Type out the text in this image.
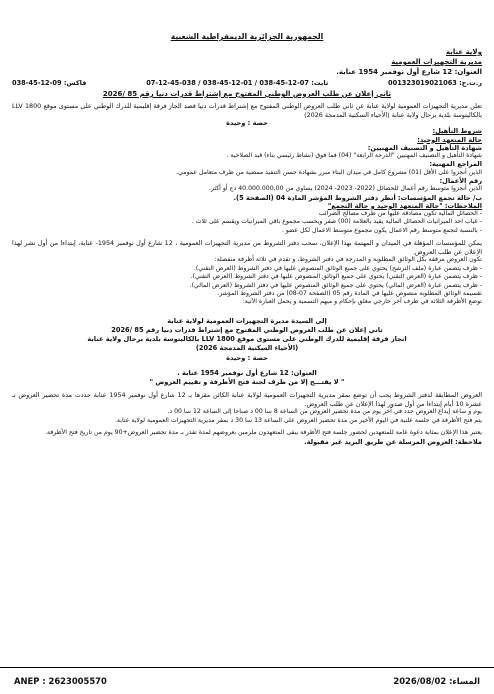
الجمهورية الجزائرية الديمقراطية الشعبية
ولاية عنابة
مديرية التجهيزات العمومية
العنوان: 12 شارع أول نوفمبر 1954 عنابة.
ر.ت.ج: 001323019021063
ثابت: 07-12-45-038 / 01-12-45-038 / 038-45-12-07
فاكس: 09-12-45-038
ثاني إعلان عن طلب العروض الوطني المفتوح مع إشتراط قدرات دنيا رقم 85 /2026
تعلن مديرية التجهيزات العمومية لولاية عنابة عن ثاني طلب العروض الوطني المفتوح مع إشتراط قدرات دنيا قصد الجاز فرقة إقليمية للدرك الوطني على مستوى موقع LLV 1800 بالكاليتوسة بلدية برحال ولاية عنابة (الأحياء السكنية المدمجة 2026)
حصة : وحيدة
شروط التأهيل:
حالة المتعهد الوحيد:
شهادة التأهيل و التصنيف المهنيين:
شهادة التأهيل و التصنيف المهنيين "الدرجة الرابعة" (04) فما فوق (نشاط رئيسي بناء) قيد الصلاحية .
المراجع المهنية:
الذين أنجزوا على الأقل (01) مشروع كامل في ميدان البناء مبرر بشهادة حسن التنفيذ ممضية من طرف متعامل عمومي.
رقم الأعمال:
الذين أنجزوا متوسط رقم أعمال للحصائل (2022- 2023- 2024) يساوي من 40.000.000,00 دج أو أكثر.
ب/ حالة تجمع المؤسسات: أنظر دفتر الشروط المؤشر المادة 04 (الصفحة 5).
الملاحظات: "حالة المتعهد الوحيد و حالة التجمع"
- الحصائل المالية تكون مصادقة عليها من طرف مصالح الضرائب
- غياب احد الميزانيات الحصائل المالية يقيد بالعلامة (00) صفر ويحسب مجموع باقي الميزانيات ويقسم على ثلاث .
- بالنسبة لتجمع متوسط رقم الاعمال يكون مجموع متوسط الاعمال لكل عضو .
يمكن للمؤسسات المؤهلة في الميدان و المهتمة بهذا الإعلان، سحب دفتر الشروط من مديرية التجهيزات العمومية ، 12 شارع أول نوفمبر 1954- عنابة، إبتداءا من أول نشر لهذا الإعلان عن طلب العروض.
تكون العروض مرفقة بكل الوثائق المطلوبة و المدرجة في دفتر الشروط، و تقدم في ثلاثة أظرفة منفصلة:
- ظرف يتضمن عبارة (ملف الترشح) يحتوي على جميع الوثائق المنصوص عليها في دفتر الشروط (العرض التقني).
- ظرف يتضمن عبارة (العرض التقني) يحتوي على جميع الوثائق المنصوص عليها في دفتر الشروط (العرض التقني).
- ظرف يتضمن عبارة (العرض المالي) يحتوي على جميع الوثائق المنصوص عليها في دفتر الشروط (العرض المالي).
تقسيمة الوثائق المطلوبة منصوص عليها في المادة رقم 05 (الصفحة 07-08) من دفتر الشروط المؤشر.
توضع الأظرفة الثلاثة في ظرف آخر خارجي مغلق بإحكام و مبهم التسمية و يحمل العبارة الآتية:
إلى السيدة مديرة التجهيزات العمومية لولاية عنابة
ثاني إعلان عن طلب العروض الوطني المفتوح مع إشتراط قدرات دنيا رقم 85 /2026
انجاز فرقة إقليمية للدرك الوطني على مستوى موقع LLV 1800 بالكاليتوسة بلدية برحال ولاية عنابة
(الأحياء السكنية المدمجة 2026)
حصة : وحيدة
العنوان: 12 شارع أول نوفمبر 1954 عنابة .
" لا يفتـــح إلا من طرف لجنة فتح الأظرفة و تقييم العروض "
العروض المطابقة لدفتر الشروط يجب أن توضع بمقر مديرية التجهيزات العمومية لولاية عنابة الكائن مقرها بـ 12 شارع أول نوفمبر 1954 عنابة حددت مدة تحضير العروض بـ عشرة 10 أيام إبتداءا من أول صدور لهذا الإعلان عن طلب العروض.
يوم و ساعة إيداع العروض حدد في آخر يوم من مدة تحضير العروض من الساعة 8 سا 00 د صباحا إلى الساعة 12 سا 00 د.
يتم فتح الأظرفة في جلسة علنية في اليوم الأخير من مدة تحضير العروض على الساعة 13 سا 30 د بمقر مديرية التجهيزات العمومية لولاية عنابة.
يعتبر هذا الإعلان بمثابة دعوة عامة للمتعهدين لحضور جلسة فتح الأظرفة يبقى المتعهدون ملزمين بعروضهم لمدة تقدر بـ مدة تحضير العروض+90 يوم من تاريخ فتح الأظرفة.
ملاحظة: العروض المرسلة عن طريق البريد غير مقبولة.
ANEP : 2623005570	المساء: 2026/08/02
